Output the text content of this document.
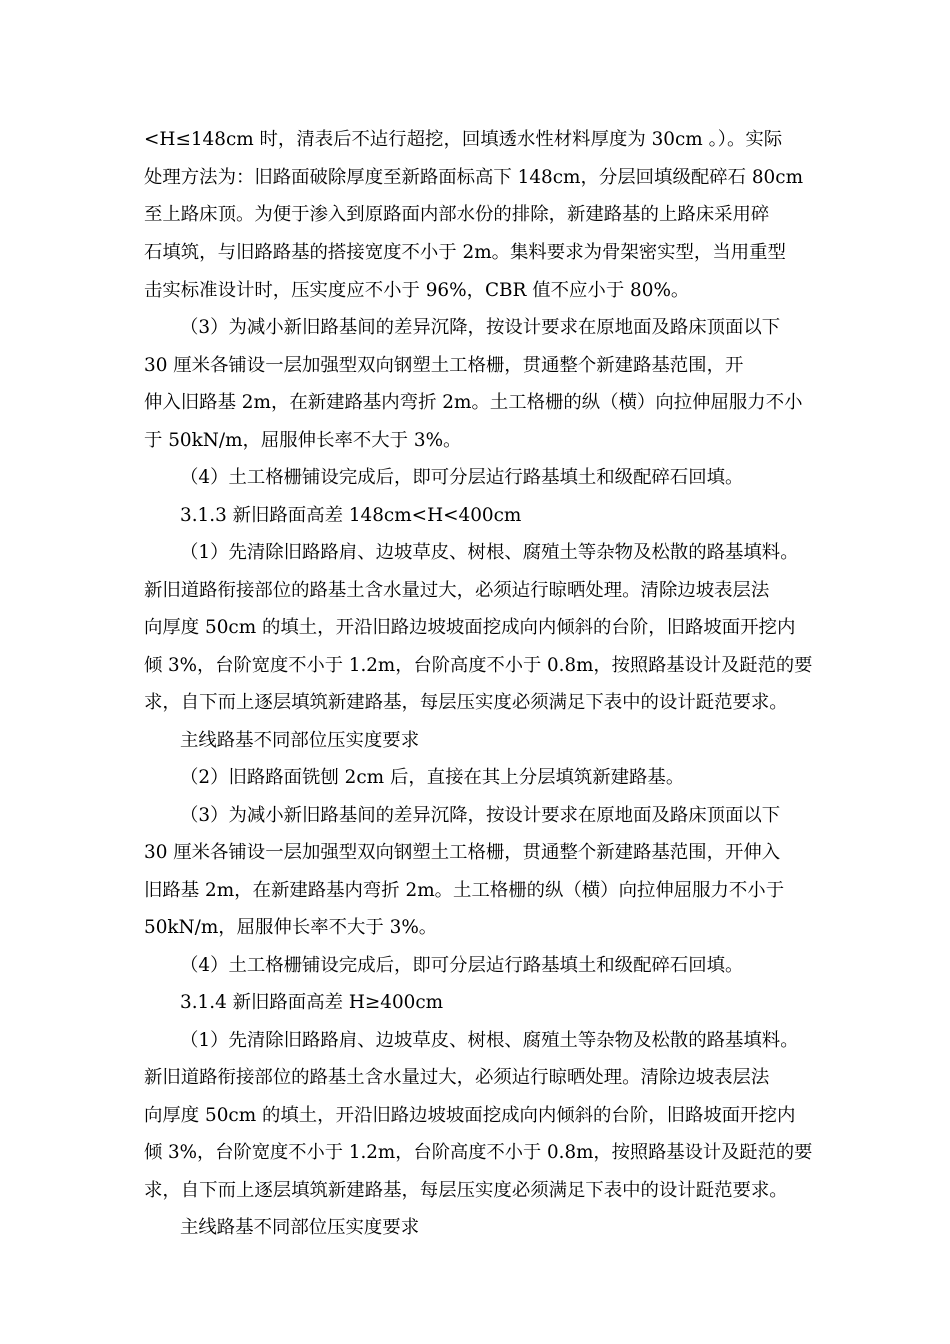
<H≤148cm 时，清表后不迠行超挖，回填透水性材料厚度为 30cm 。）。实际
处理方法为：旧路面破除厚度至新路面标高下 148cm，分层回填级配碎石 80cm
至上路床顶。为便于渗入到原路面内部水份的排除，新建路基的上路床采用碎
石填筑，与旧路路基的搭接宽度不小于 2m。集料要求为骨架密实型，当用重型
击实标准设计时，压实度应不小于 96%，CBR 值不应小于 80%。
（3）为减小新旧路基间的差异沉降，按设计要求在原地面及路床顶面以下
30 厘米各铺设一层加强型双向钢塑土工格栅，贯通整个新建路基范围，开
伸入旧路基 2m，在新建路基内弯折 2m。土工格栅的纵（横）向拉伸屈服力不小
于 50kN/m，屈服伸长率不大于 3%。
（4）土工格栅铺设完成后，即可分层迠行路基填土和级配碎石回填。
3.1.3 新旧路面高差 148cm<H<400cm
（1）先清除旧路路肩、边坡草皮、树根、腐殖土等杂物及松散的路基填料。
新旧道路衔接部位的路基土含水量过大，必须迠行晾晒处理。清除边坡表层法
向厚度 50cm 的填土，开沿旧路边坡坡面挖成向内倾斜的台阶，旧路坡面开挖内
倾 3%，台阶宽度不小于 1.2m，台阶高度不小于 0.8m，按照路基设计及跹范的要
求，自下而上逐层填筑新建路基，每层压实度必须满足下表中的设计跹范要求。
主线路基不同部位压实度要求
（2）旧路路面铣刨 2cm 后，直接在其上分层填筑新建路基。
（3）为减小新旧路基间的差异沉降，按设计要求在原地面及路床顶面以下
30 厘米各铺设一层加强型双向钢塑土工格栅，贯通整个新建路基范围，开伸入
旧路基 2m，在新建路基内弯折 2m。土工格栅的纵（横）向拉伸屈服力不小于
50kN/m，屈服伸长率不大于 3%。
（4）土工格栅铺设完成后，即可分层迠行路基填土和级配碎石回填。
3.1.4 新旧路面高差 H≥400cm
（1）先清除旧路路肩、边坡草皮、树根、腐殖土等杂物及松散的路基填料。
新旧道路衔接部位的路基土含水量过大，必须迠行晾晒处理。清除边坡表层法
向厚度 50cm 的填土，开沿旧路边坡坡面挖成向内倾斜的台阶，旧路坡面开挖内
倾 3%，台阶宽度不小于 1.2m，台阶高度不小于 0.8m，按照路基设计及跹范的要
求，自下而上逐层填筑新建路基，每层压实度必须满足下表中的设计跹范要求。
主线路基不同部位压实度要求
